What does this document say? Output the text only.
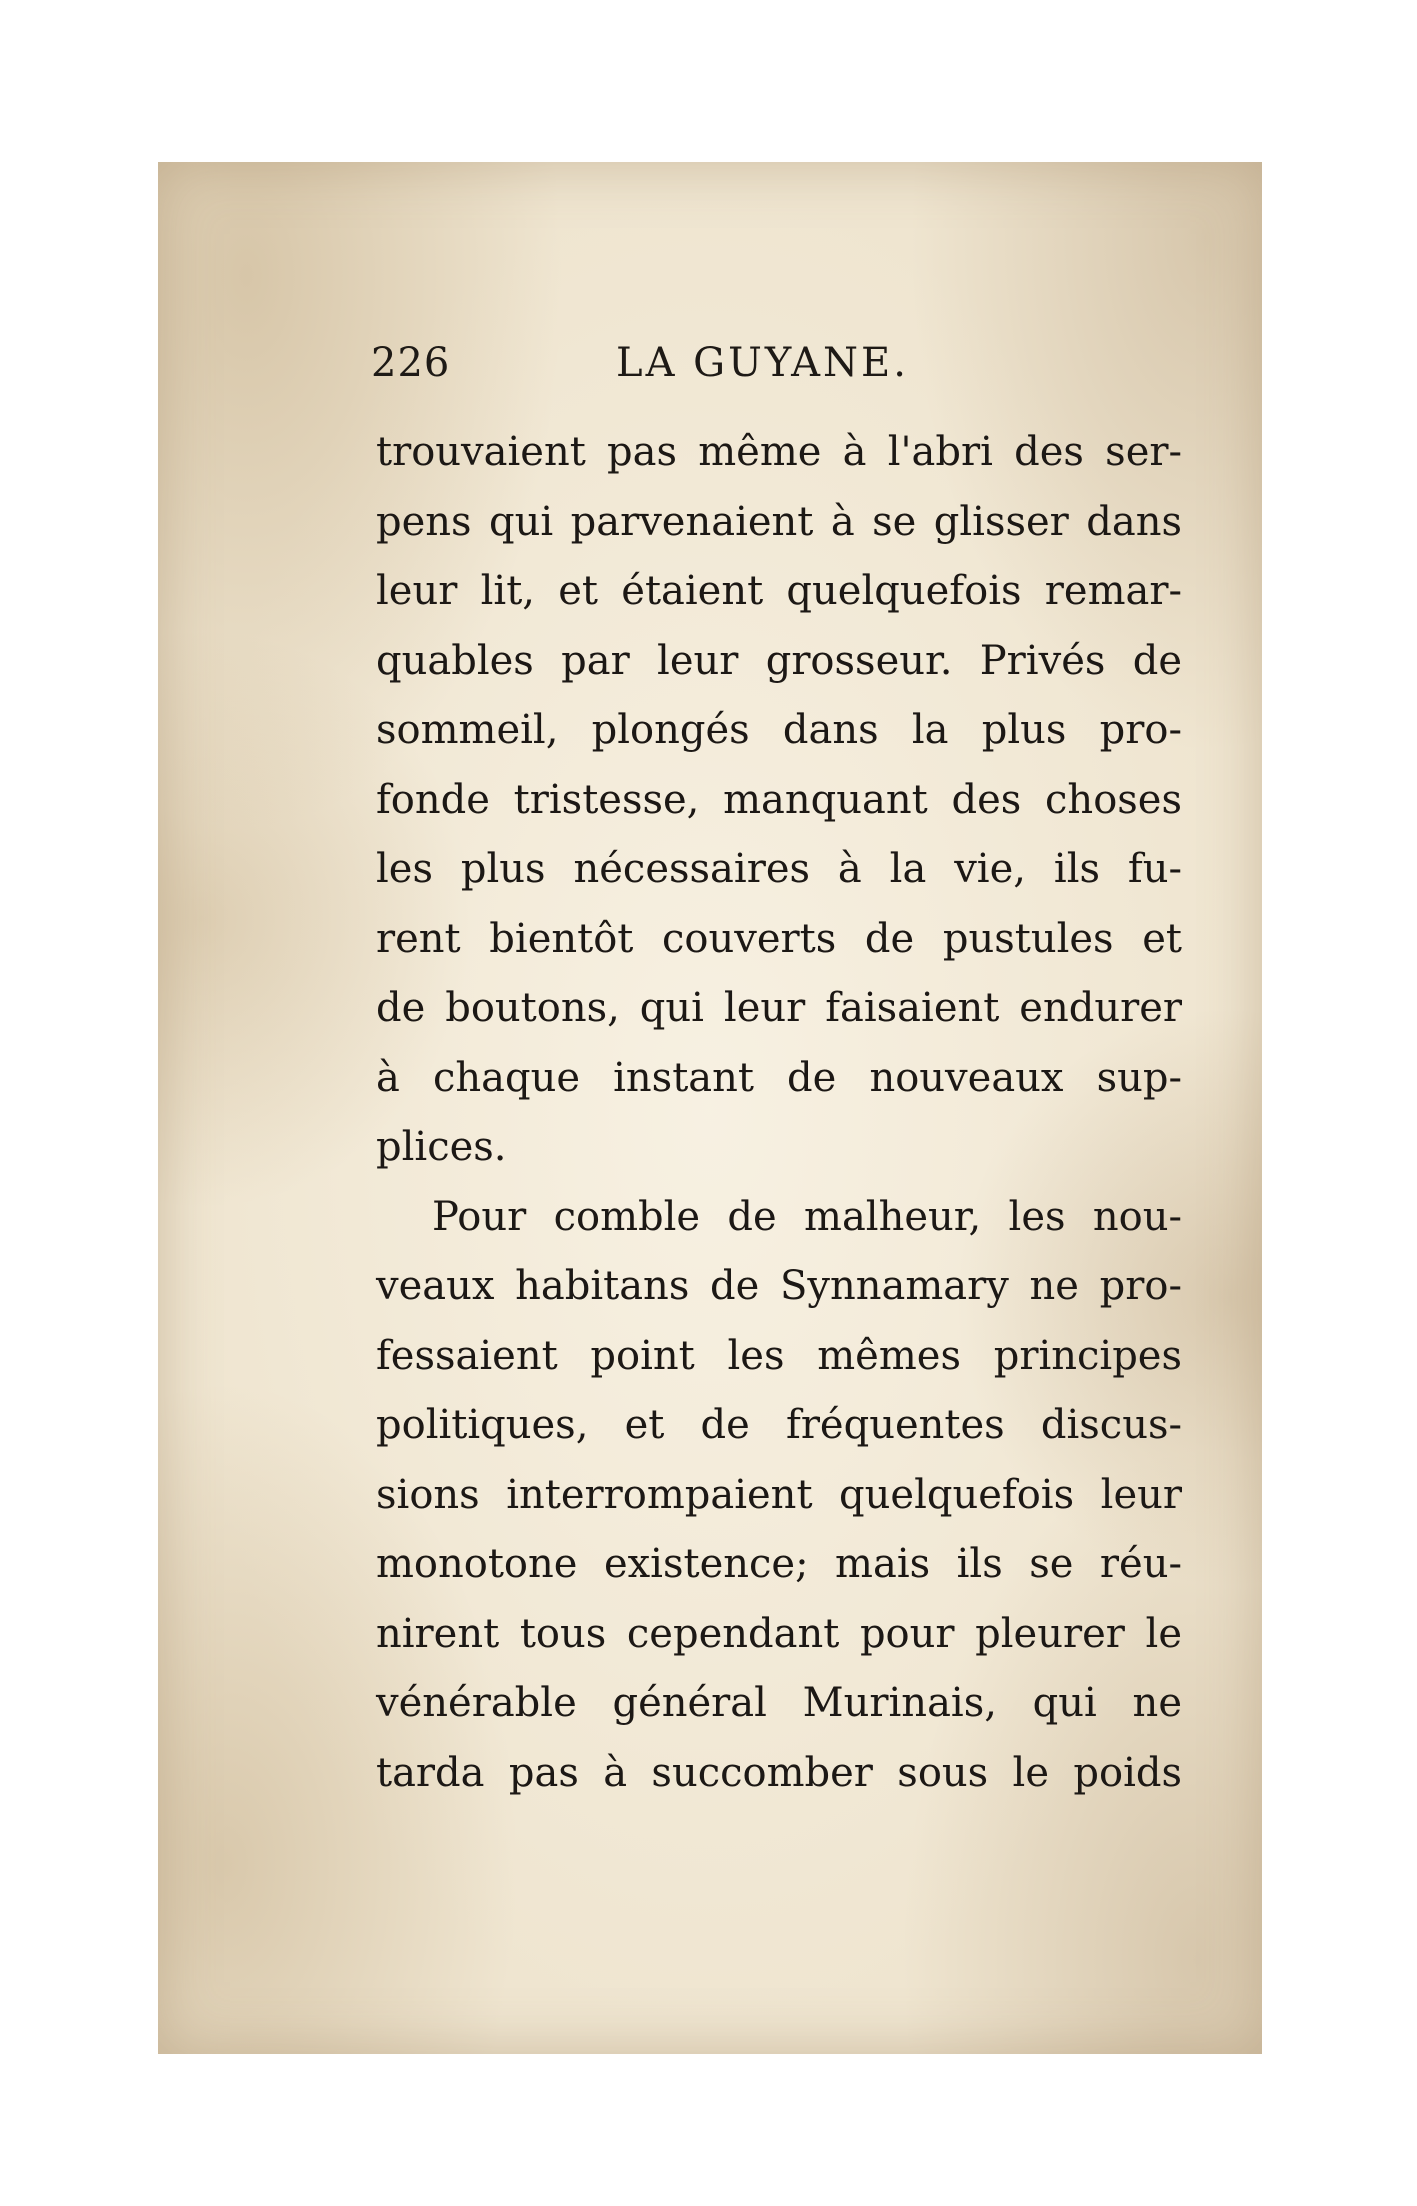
226	LA GUYANE.
trouvaient pas même à l'abri des ser-
pens qui parvenaient à se glisser dans
leur lit, et étaient quelquefois remar-
quables par leur grosseur. Privés de
sommeil, plongés dans la plus pro-
fonde tristesse, manquant des choses
les plus nécessaires à la vie, ils fu-
rent bientôt couverts de pustules et
de boutons, qui leur faisaient endurer
à chaque instant de nouveaux sup-
plices.
Pour comble de malheur, les nou-
veaux habitans de Synnamary ne pro-
fessaient point les mêmes principes
politiques, et de fréquentes discus-
sions interrompaient quelquefois leur
monotone existence; mais ils se réu-
nirent tous cependant pour pleurer le
vénérable général Murinais, qui ne
tarda pas à succomber sous le poids
